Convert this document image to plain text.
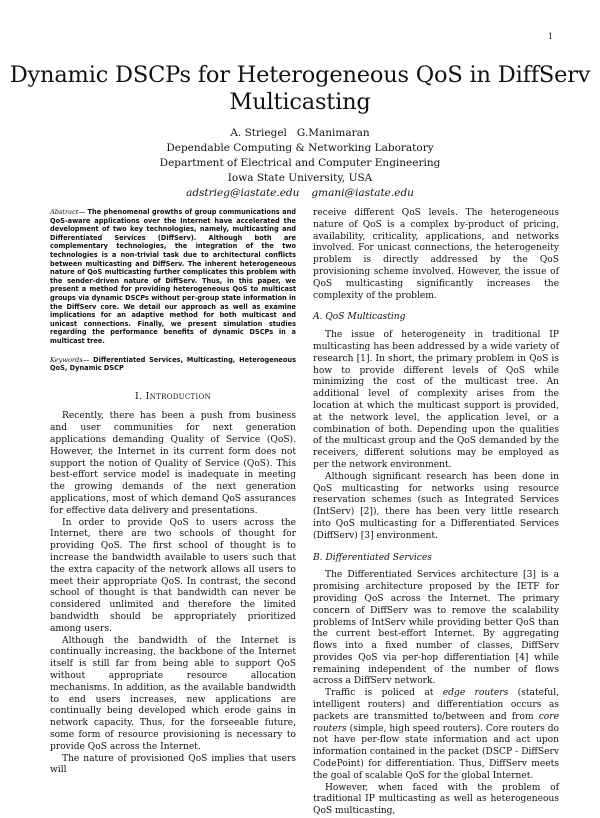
1
Dynamic DSCPs for Heterogeneous QoS in DiffServ Multicasting
A. Striegel G.Manimaran
Dependable Computing & Networking Laboratory
Department of Electrical and Computer Engineering
Iowa State University, USA
adstrieg@iastate.edu gmani@iastate.edu

Abstract— The phenomenal growths of group communications and QoS-aware applications over the Internet have accelerated the development of two key technologies, namely, multicasting and Differentiated Services (DiffServ). Although both are complementary technologies, the integration of the two technologies is a non-trivial task due to architectural conflicts between multicasting and DiffServ. The inherent heterogeneous nature of QoS multicasting further complicates this problem with the sender-driven nature of DiffServ. Thus, in this paper, we present a method for providing heterogeneous QoS to multicast groups via dynamic DSCPs without per-group state information in the DiffServ core. We detail our approach as well as examine implications for an adaptive method for both multicast and unicast connections. Finally, we present simulation studies regarding the performance benefits of dynamic DSCPs in a multicast tree.

Keywords— Differentiated Services, Multicasting, Heterogeneous QoS, Dynamic DSCP

I. Introduction

Recently, there has been a push from business and user communities for next generation applications demanding Quality of Service (QoS). However, the Internet in its current form does not support the notion of Quality of Service (QoS). This best-effort service model is inadequate in meeting the growing demands of the next generation applications, most of which demand QoS assurances for effective data delivery and presentations.

In order to provide QoS to users across the Internet, there are two schools of thought for providing QoS. The first school of thought is to increase the bandwidth available to users such that the extra capacity of the network allows all users to meet their appropriate QoS. In contrast, the second school of thought is that bandwidth can never be considered unlimited and therefore the limited bandwidth should be appropriately prioritized among users.

Although the bandwidth of the Internet is continually increasing, the backbone of the Internet itself is still far from being able to support QoS without appropriate resource allocation mechanisms. In addition, as the available bandwidth to end users increases, new applications are continually being developed which erode gains in network capacity. Thus, for the forseeable future, some form of resource provisioning is necessary to provide QoS across the Internet.

The nature of provisioned QoS implies that users will

receive different QoS levels. The heterogeneous nature of QoS is a complex by-product of pricing, availability, criticality, applications, and networks involved. For unicast connections, the heterogeneity problem is directly addressed by the QoS provisioning scheme involved. However, the issue of QoS multicasting significantly increases the complexity of the problem.

A. QoS Multicasting

The issue of heterogeneity in traditional IP multicasting has been addressed by a wide variety of research [1]. In short, the primary problem in QoS is how to provide different levels of QoS while minimizing the cost of the multicast tree. An additional level of complexity arises from the location at which the multicast support is provided, at the network level, the application level, or a combination of both. Depending upon the qualities of the multicast group and the QoS demanded by the receivers, different solutions may be employed as per the network environment.

Although significant research has been done in QoS multicasting for networks using resource reservation schemes (such as Integrated Services (IntServ) [2]), there has been very little research into QoS multicasting for a Differentiated Services (DiffServ) [3] environment.

B. Differentiated Services

The Differentiated Services architecture [3] is a promising architecture proposed by the IETF for providing QoS across the Internet. The primary concern of DiffServ was to remove the scalability problems of IntServ while providing better QoS than the current best-effort Internet. By aggregating flows into a fixed number of classes, DiffServ provides QoS via per-hop differentiation [4] while remaining independent of the number of flows across a DiffServ network.

Traffic is policed at edge routers (stateful, intelligent routers) and differentiation occurs as packets are transmitted to/between and from core routers (simple, high speed routers). Core routers do not have per-flow state information and act upon information contained in the packet (DSCP - DiffServ CodePoint) for differentiation. Thus, DiffServ meets the goal of scalable QoS for the global Internet.

However, when faced with the problem of traditional IP multicasting as well as heterogeneous QoS multicasting,
